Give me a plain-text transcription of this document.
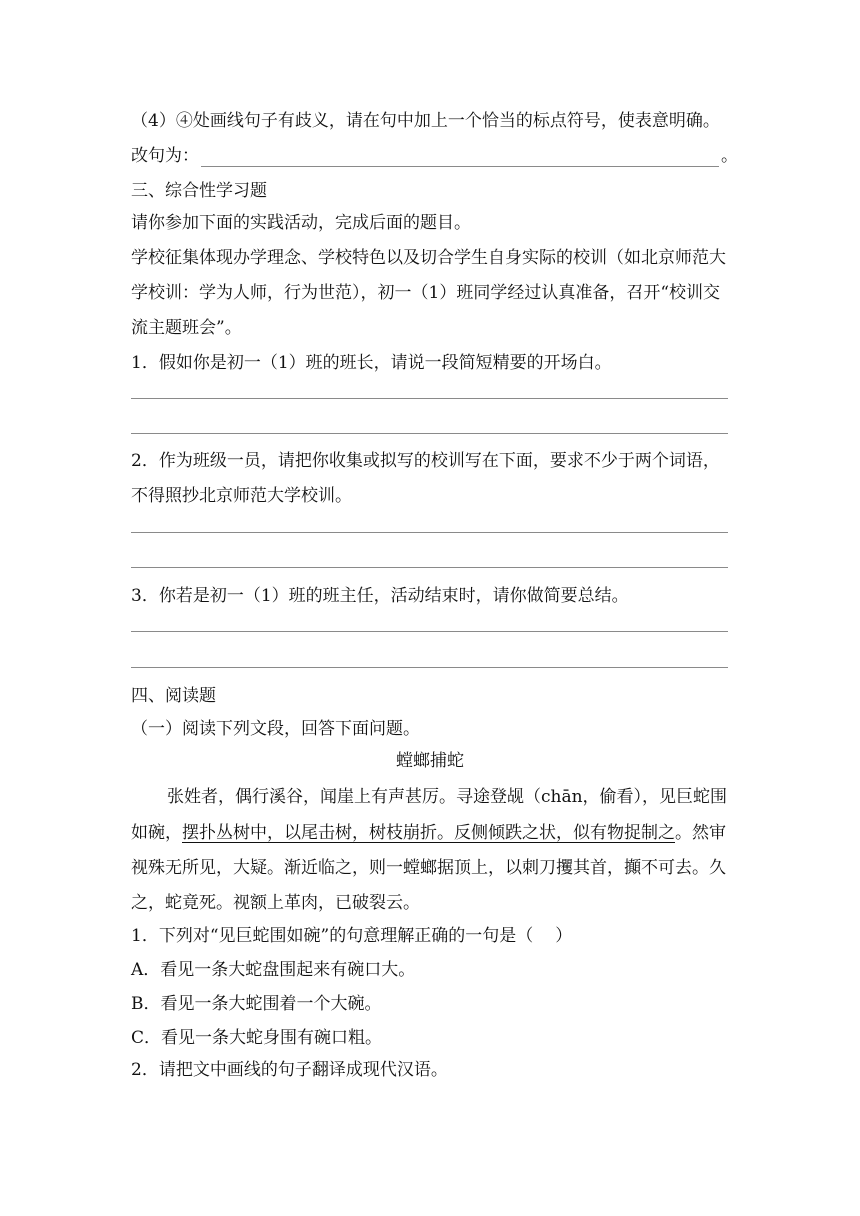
（4）④处画线句子有歧义，请在句中加上一个恰当的标点符号，使表意明确。
改句为：	。
三、综合性学习题
请你参加下面的实践活动，完成后面的题目。
学校征集体现办学理念、学校特色以及切合学生自身实际的校训（如北京师范大
学校训：学为人师，行为世范），初一（1）班同学经过认真准备，召开“校训交
流主题班会”。
1．假如你是初一（1）班的班长，请说一段简短精要的开场白。
2．作为班级一员，请把你收集或拟写的校训写在下面，要求不少于两个词语，
不得照抄北京师范大学校训。
3．你若是初一（1）班的班主任，活动结束时，请你做简要总结。
四、阅读题
（一）阅读下列文段，回答下面问题。
螳螂捕蛇
张姓者，偶行溪谷，闻崖上有声甚厉。寻途登觇（chān，偷看），见巨蛇围
如碗，摆扑丛树中，以尾击树，树枝崩折。反侧倾跌之状，似有物捉制之。然审
视殊无所见，大疑。渐近临之，则一螳螂据顶上，以刺刀攫其首，攧不可去。久
之，蛇竟死。视额上革肉，已破裂云。
1．下列对“见巨蛇围如碗”的句意理解正确的一句是（ ）
A．看见一条大蛇盘围起来有碗口大。
B．看见一条大蛇围着一个大碗。
C．看见一条大蛇身围有碗口粗。
2．请把文中画线的句子翻译成现代汉语。
